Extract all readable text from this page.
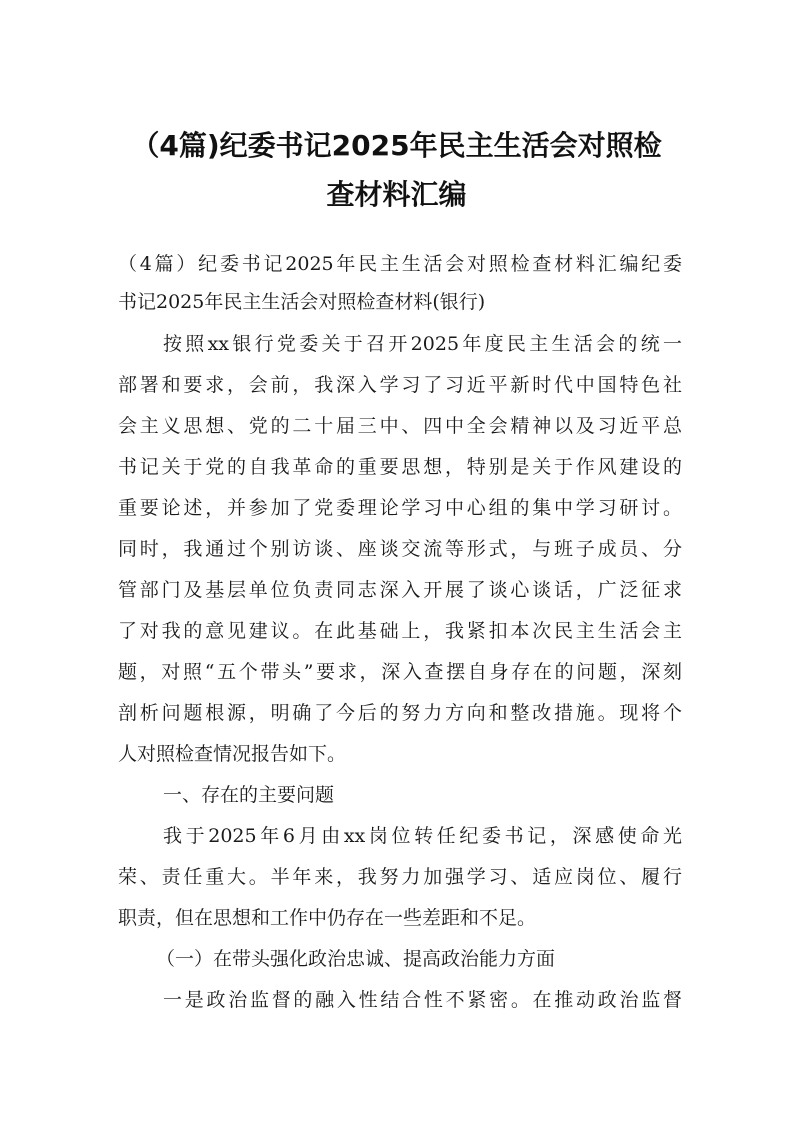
（4篇)纪委书记2025年民主生活会对照检
查材料汇编
（4篇）纪委书记2025年民主生活会对照检查材料汇编纪委
书记2025年民主生活会对照检查材料(银行)
按照xx银行党委关于召开2025年度民主生活会的统一
部署和要求，会前，我深入学习了习近平新时代中国特色社
会主义思想、党的二十届三中、四中全会精神以及习近平总
书记关于党的自我革命的重要思想，特别是关于作风建设的
重要论述，并参加了党委理论学习中心组的集中学习研讨。
同时，我通过个别访谈、座谈交流等形式，与班子成员、分
管部门及基层单位负责同志深入开展了谈心谈话，广泛征求
了对我的意见建议。在此基础上，我紧扣本次民主生活会主
题，对照“五个带头”要求，深入查摆自身存在的问题，深刻
剖析问题根源，明确了今后的努力方向和整改措施。现将个
人对照检查情况报告如下。
一、存在的主要问题
我于2025年6月由xx岗位转任纪委书记，深感使命光
荣、责任重大。半年来，我努力加强学习、适应岗位、履行
职责，但在思想和工作中仍存在一些差距和不足。
（一）在带头强化政治忠诚、提高政治能力方面
一是政治监督的融入性结合性不紧密。在推动政治监督
